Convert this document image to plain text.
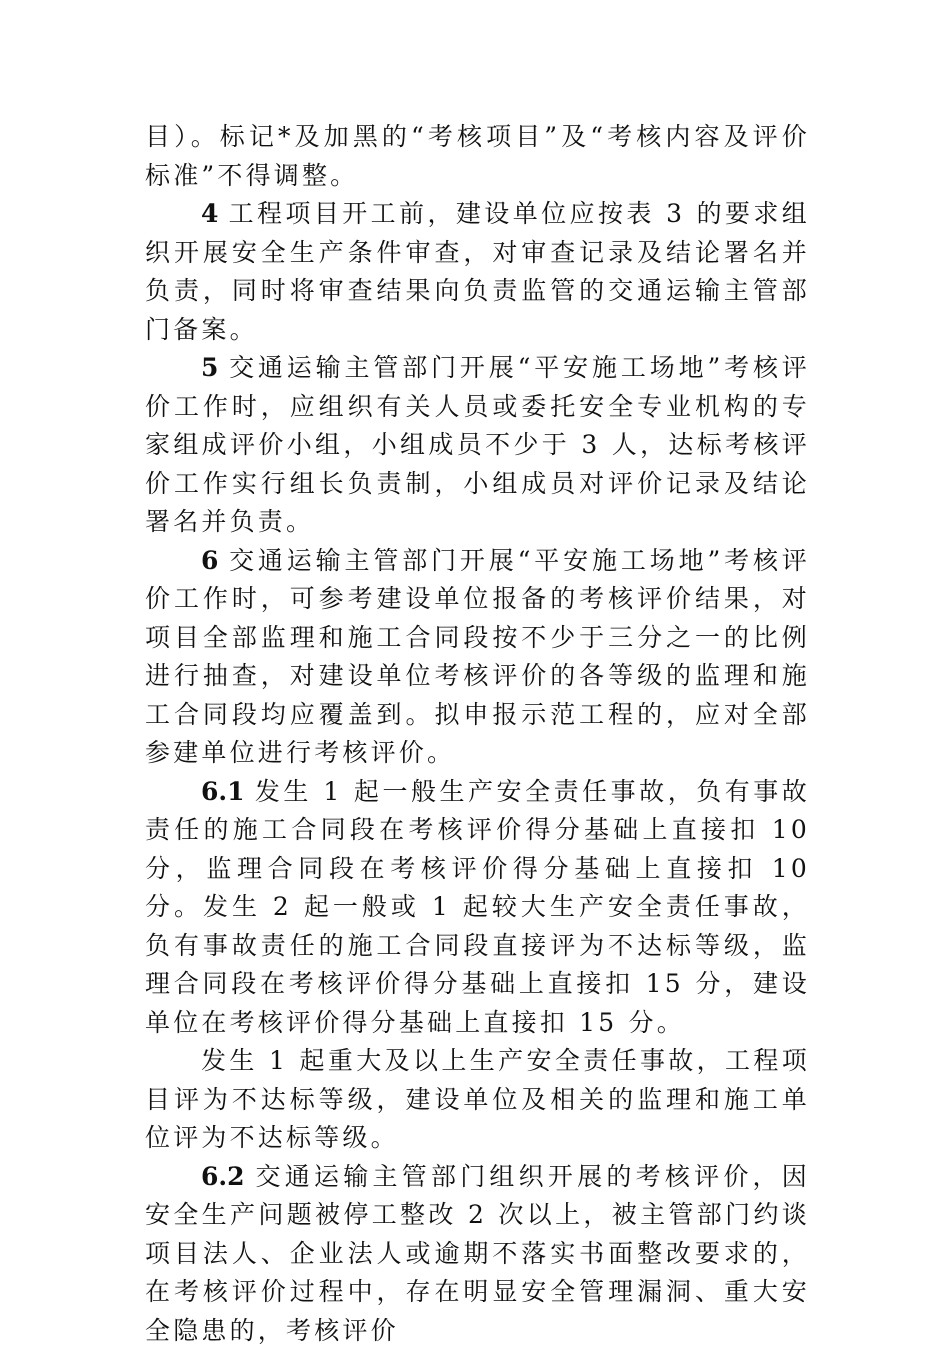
目）。标记*及加黑的“考核项目”及“考核内容及评价标准”不得调整。

4 工程项目开工前，建设单位应按表 3 的要求组织开展安全生产条件审查，对审查记录及结论署名并负责，同时将审查结果向负责监管的交通运输主管部门备案。

5 交通运输主管部门开展“平安施工场地”考核评价工作时，应组织有关人员或委托安全专业机构的专家组成评价小组，小组成员不少于 3 人，达标考核评价工作实行组长负责制，小组成员对评价记录及结论署名并负责。

6 交通运输主管部门开展“平安施工场地”考核评价工作时，可参考建设单位报备的考核评价结果，对项目全部监理和施工合同段按不少于三分之一的比例进行抽查，对建设单位考核评价的各等级的监理和施工合同段均应覆盖到。拟申报示范工程的，应对全部参建单位进行考核评价。

6.1 发生 1 起一般生产安全责任事故，负有事故责任的施工合同段在考核评价得分基础上直接扣 10 分，监理合同段在考核评价得分基础上直接扣 10 分。发生 2 起一般或 1 起较大生产安全责任事故，负有事故责任的施工合同段直接评为不达标等级，监理合同段在考核评价得分基础上直接扣 15 分，建设单位在考核评价得分基础上直接扣 15 分。

发生 1 起重大及以上生产安全责任事故，工程项目评为不达标等级，建设单位及相关的监理和施工单位评为不达标等级。

6.2 交通运输主管部门组织开展的考核评价，因安全生产问题被停工整改 2 次以上，被主管部门约谈项目法人、企业法人或逾期不落实书面整改要求的，在考核评价过程中，存在明显安全管理漏洞、重大安全隐患的，考核评价
